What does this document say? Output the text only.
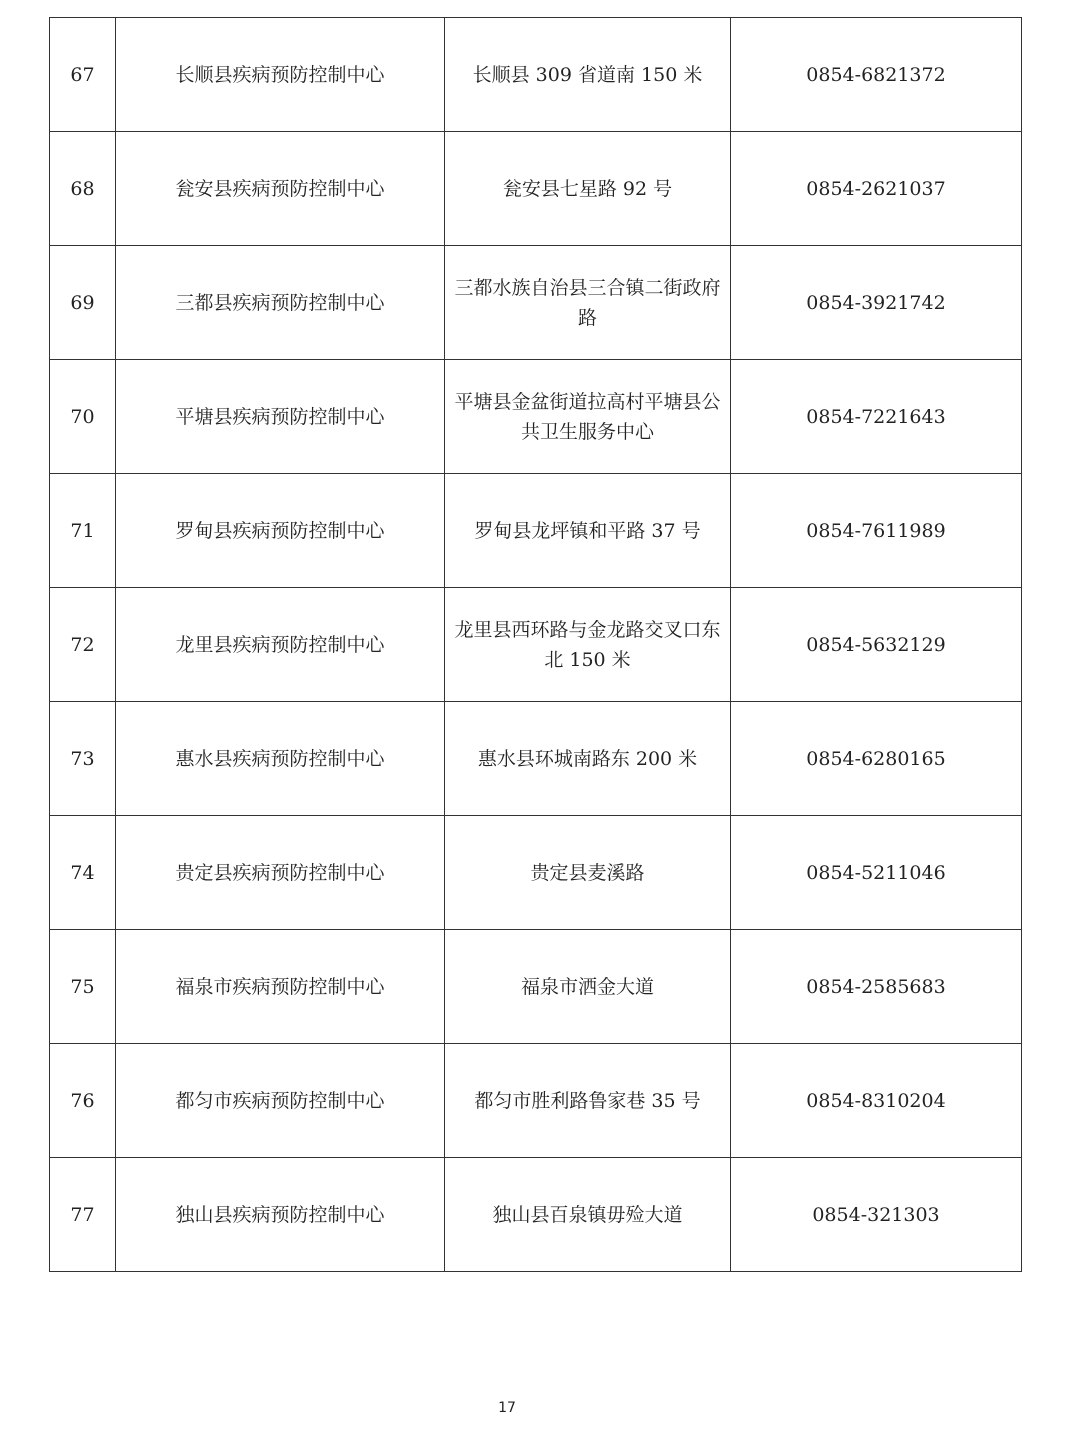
67	长顺县疾病预防控制中心	长顺县 309 省道南 150 米	0854-6821372
68	瓮安县疾病预防控制中心	瓮安县七星路 92 号	0854-2621037
69	三都县疾病预防控制中心	三都水族自治县三合镇二街政府路	0854-3921742
70	平塘县疾病预防控制中心	平塘县金盆街道拉高村平塘县公共卫生服务中心	0854-7221643
71	罗甸县疾病预防控制中心	罗甸县龙坪镇和平路 37 号	0854-7611989
72	龙里县疾病预防控制中心	龙里县西环路与金龙路交叉口东北 150 米	0854-5632129
73	惠水县疾病预防控制中心	惠水县环城南路东 200 米	0854-6280165
74	贵定县疾病预防控制中心	贵定县麦溪路	0854-5211046
75	福泉市疾病预防控制中心	福泉市洒金大道	0854-2585683
76	都匀市疾病预防控制中心	都匀市胜利路鲁家巷 35 号	0854-8310204
77	独山县疾病预防控制中心	独山县百泉镇毋殓大道	0854-321303
17
